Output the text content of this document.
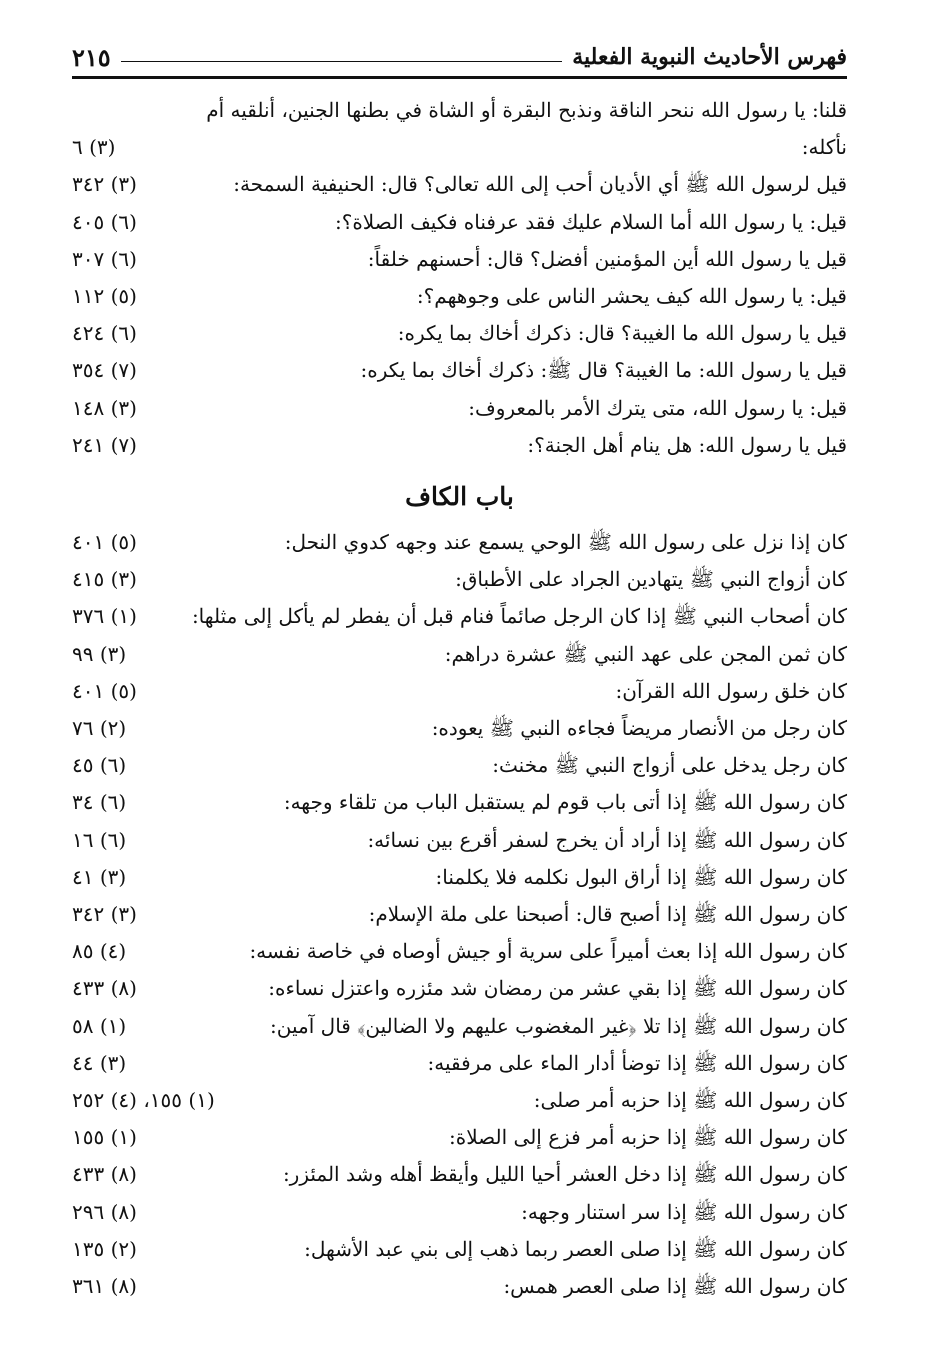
فهرس الأحاديث النبوية الفعلية
٢١٥
قلنا: يا رسول الله ننحر الناقة ونذبح البقرة أو الشاة في بطنها الجنين، أنلقيه أم نأكله:
(٣) ٦
قيل لرسول الله ﷺ أي الأديان أحب إلى الله تعالى؟ قال: الحنيفية السمحة:
(٣) ٣٤٢
قيل: يا رسول الله أما السلام عليك فقد عرفناه فكيف الصلاة؟:
(٦) ٤٠٥
قيل يا رسول الله أين المؤمنين أفضل؟ قال: أحسنهم خلقاً:
(٦) ٣٠٧
قيل: يا رسول الله كيف يحشر الناس على وجوههم؟:
(٥) ١١٢
قيل يا رسول الله ما الغيبة؟ قال: ذكرك أخاك بما يكره:
(٦) ٤٢٤
قيل يا رسول الله: ما الغيبة؟ قال ﷺ: ذكرك أخاك بما يكره:
(٧) ٣٥٤
قيل: يا رسول الله، متى يترك الأمر بالمعروف:
(٣) ١٤٨
قيل يا رسول الله: هل ينام أهل الجنة؟:
(٧) ٢٤١
باب الكاف
كان إذا نزل على رسول الله ﷺ الوحي يسمع عند وجهه كدوي النحل:
(٥) ٤٠١
كان أزواج النبي ﷺ يتهادين الجراد على الأطباق:
(٣) ٤١٥
كان أصحاب النبي ﷺ إذا كان الرجل صائماً فنام قبل أن يفطر لم يأكل إلى مثلها:
(١) ٣٧٦
كان ثمن المجن على عهد النبي ﷺ عشرة دراهم:
(٣) ٩٩
كان خلق رسول الله القرآن:
(٥) ٤٠١
كان رجل من الأنصار مريضاً فجاءه النبي ﷺ يعوده:
(٢) ٧٦
كان رجل يدخل على أزواج النبي ﷺ مخنث:
(٦) ٤٥
كان رسول الله ﷺ إذا أتى باب قوم لم يستقبل الباب من تلقاء وجهه:
(٦) ٣٤
كان رسول الله ﷺ إذا أراد أن يخرج لسفر أقرع بين نسائه:
(٦) ١٦
كان رسول الله ﷺ إذا أراق البول نكلمه فلا يكلمنا:
(٣) ٤١
كان رسول الله ﷺ إذا أصبح قال: أصبحنا على ملة الإسلام:
(٣) ٣٤٢
كان رسول الله إذا بعث أميراً على سرية أو جيش أوصاه في خاصة نفسه:
(٤) ٨٥
كان رسول الله ﷺ إذا بقي عشر من رمضان شد مئزره واعتزل نساءه:
(٨) ٤٣٣
كان رسول الله ﷺ إذا تلا ﴿غير المغضوب عليهم ولا الضالين﴾ قال آمين:
(١) ٥٨
كان رسول الله ﷺ إذا توضأ أدار الماء على مرفقيه:
(٣) ٤٤
كان رسول الله ﷺ إذا حزبه أمر صلى:
(١) ١٥٥، (٤) ٢٥٢
كان رسول الله ﷺ إذا حزبه أمر فزع إلى الصلاة:
(١) ١٥٥
كان رسول الله ﷺ إذا دخل العشر أحيا الليل وأيقظ أهله وشد المئزر:
(٨) ٤٣٣
كان رسول الله ﷺ إذا سر استنار وجهه:
(٨) ٢٩٦
كان رسول الله ﷺ إذا صلى العصر ربما ذهب إلى بني عبد الأشهل:
(٢) ١٣٥
كان رسول الله ﷺ إذا صلى العصر همس:
(٨) ٣٦١
